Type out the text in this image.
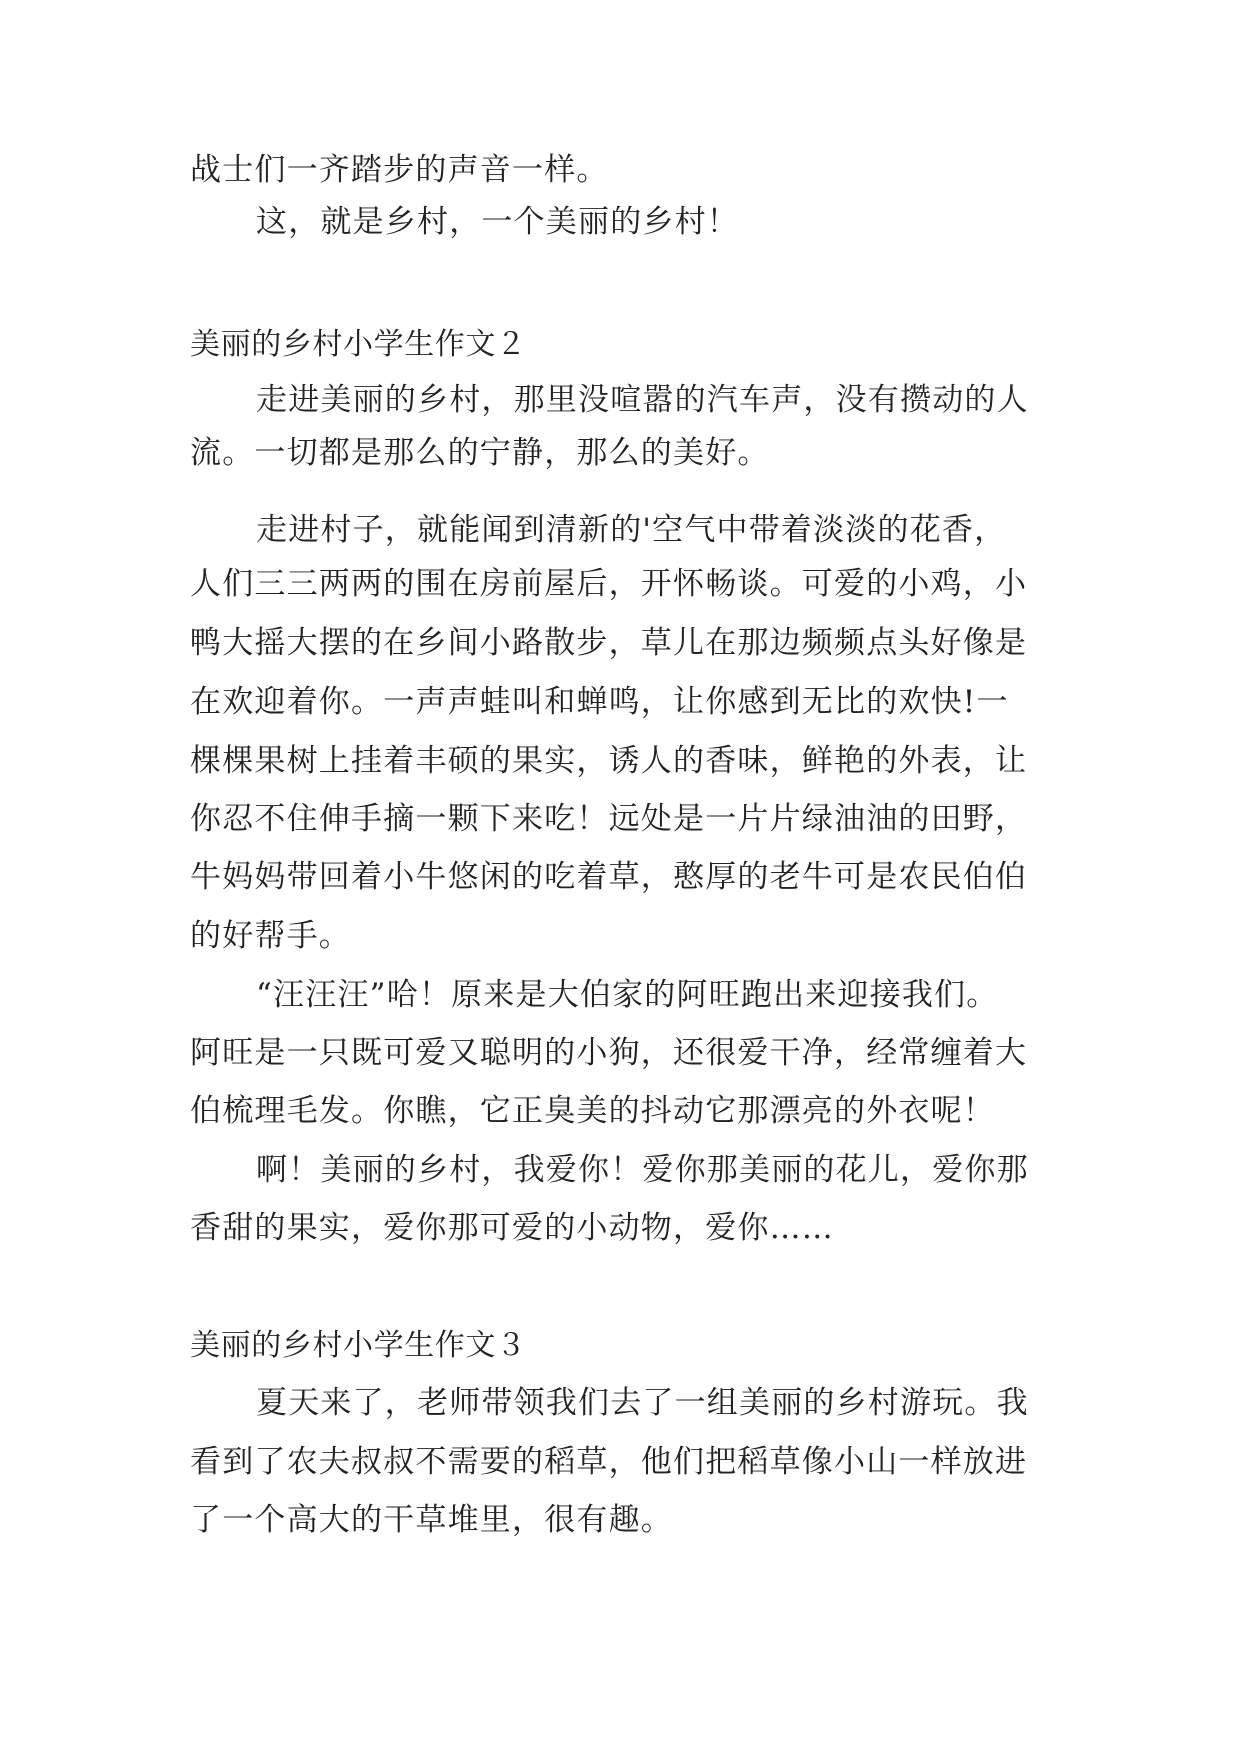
战士们一齐踏步的声音一样。
这，就是乡村，一个美丽的乡村！
美丽的乡村小学生作文２
走进美丽的乡村，那里没喧嚣的汽车声，没有攒动的人
流。一切都是那么的宁静，那么的美好。
走进村子，就能闻到清新的'空气中带着淡淡的花香，
人们三三两两的围在房前屋后，开怀畅谈。可爱的小鸡，小
鸭大摇大摆的在乡间小路散步，草儿在那边频频点头好像是
在欢迎着你。一声声蛙叫和蝉鸣，让你感到无比的欢快!一
棵棵果树上挂着丰硕的果实，诱人的香味，鲜艳的外表，让
你忍不住伸手摘一颗下来吃！远处是一片片绿油油的田野，
牛妈妈带回着小牛悠闲的吃着草，憨厚的老牛可是农民伯伯
的好帮手。
“汪汪汪”哈！原来是大伯家的阿旺跑出来迎接我们。
阿旺是一只既可爱又聪明的小狗，还很爱干净，经常缠着大
伯梳理毛发。你瞧，它正臭美的抖动它那漂亮的外衣呢！
啊！美丽的乡村，我爱你！爱你那美丽的花儿，爱你那
香甜的果实，爱你那可爱的小动物，爱你……
美丽的乡村小学生作文３
夏天来了，老师带领我们去了一组美丽的乡村游玩。我
看到了农夫叔叔不需要的稻草，他们把稻草像小山一样放进
了一个高大的干草堆里，很有趣。
